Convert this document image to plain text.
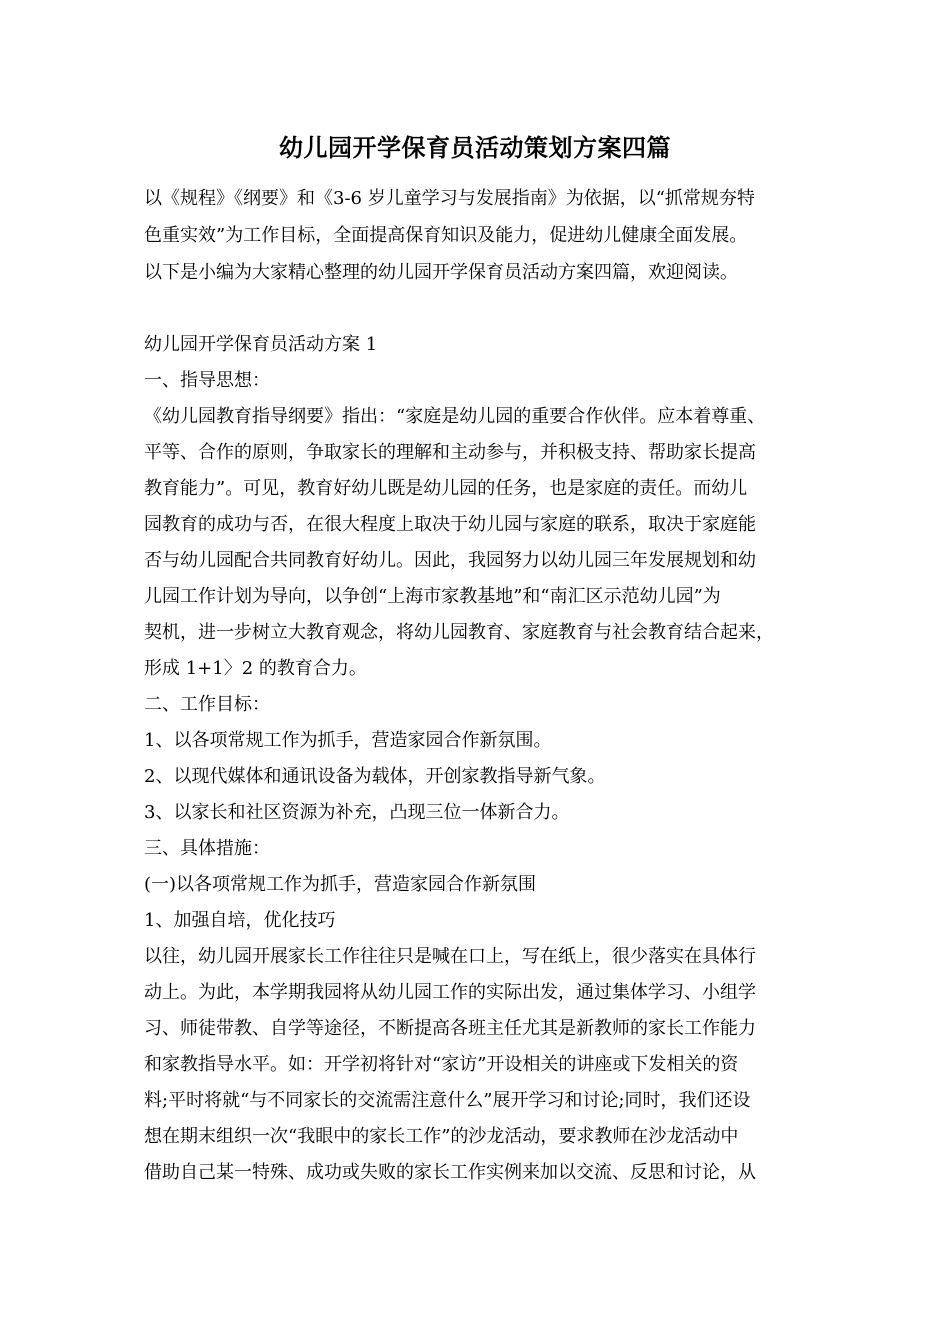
幼儿园开学保育员活动策划方案四篇
以《规程》《纲要》和《3-6 岁儿童学习与发展指南》为依据，以“抓常规夯特
色重实效”为工作目标，全面提高保育知识及能力，促进幼儿健康全面发展。
以下是小编为大家精心整理的幼儿园开学保育员活动方案四篇，欢迎阅读。
幼儿园开学保育员活动方案 1
一、指导思想：
《幼儿园教育指导纲要》指出：“家庭是幼儿园的重要合作伙伴。应本着尊重、
平等、合作的原则，争取家长的理解和主动参与，并积极支持、帮助家长提高
教育能力”。可见，教育好幼儿既是幼儿园的任务，也是家庭的责任。而幼儿
园教育的成功与否，在很大程度上取决于幼儿园与家庭的联系，取决于家庭能
否与幼儿园配合共同教育好幼儿。因此，我园努力以幼儿园三年发展规划和幼
儿园工作计划为导向，以争创“上海市家教基地”和“南汇区示范幼儿园”为
契机，进一步树立大教育观念，将幼儿园教育、家庭教育与社会教育结合起来，
形成 1+1〉2 的教育合力。
二、工作目标：
1、以各项常规工作为抓手，营造家园合作新氛围。
2、以现代媒体和通讯设备为载体，开创家教指导新气象。
3、以家长和社区资源为补充，凸现三位一体新合力。
三、具体措施：
(一)以各项常规工作为抓手，营造家园合作新氛围
1、加强自培，优化技巧
以往，幼儿园开展家长工作往往只是喊在口上，写在纸上，很少落实在具体行
动上。为此，本学期我园将从幼儿园工作的实际出发，通过集体学习、小组学
习、师徒带教、自学等途径，不断提高各班主任尤其是新教师的家长工作能力
和家教指导水平。如：开学初将针对“家访”开设相关的讲座或下发相关的资
料;平时将就“与不同家长的交流需注意什么”展开学习和讨论;同时，我们还设
想在期末组织一次“我眼中的家长工作”的沙龙活动，要求教师在沙龙活动中
借助自己某一特殊、成功或失败的家长工作实例来加以交流、反思和讨论，从
